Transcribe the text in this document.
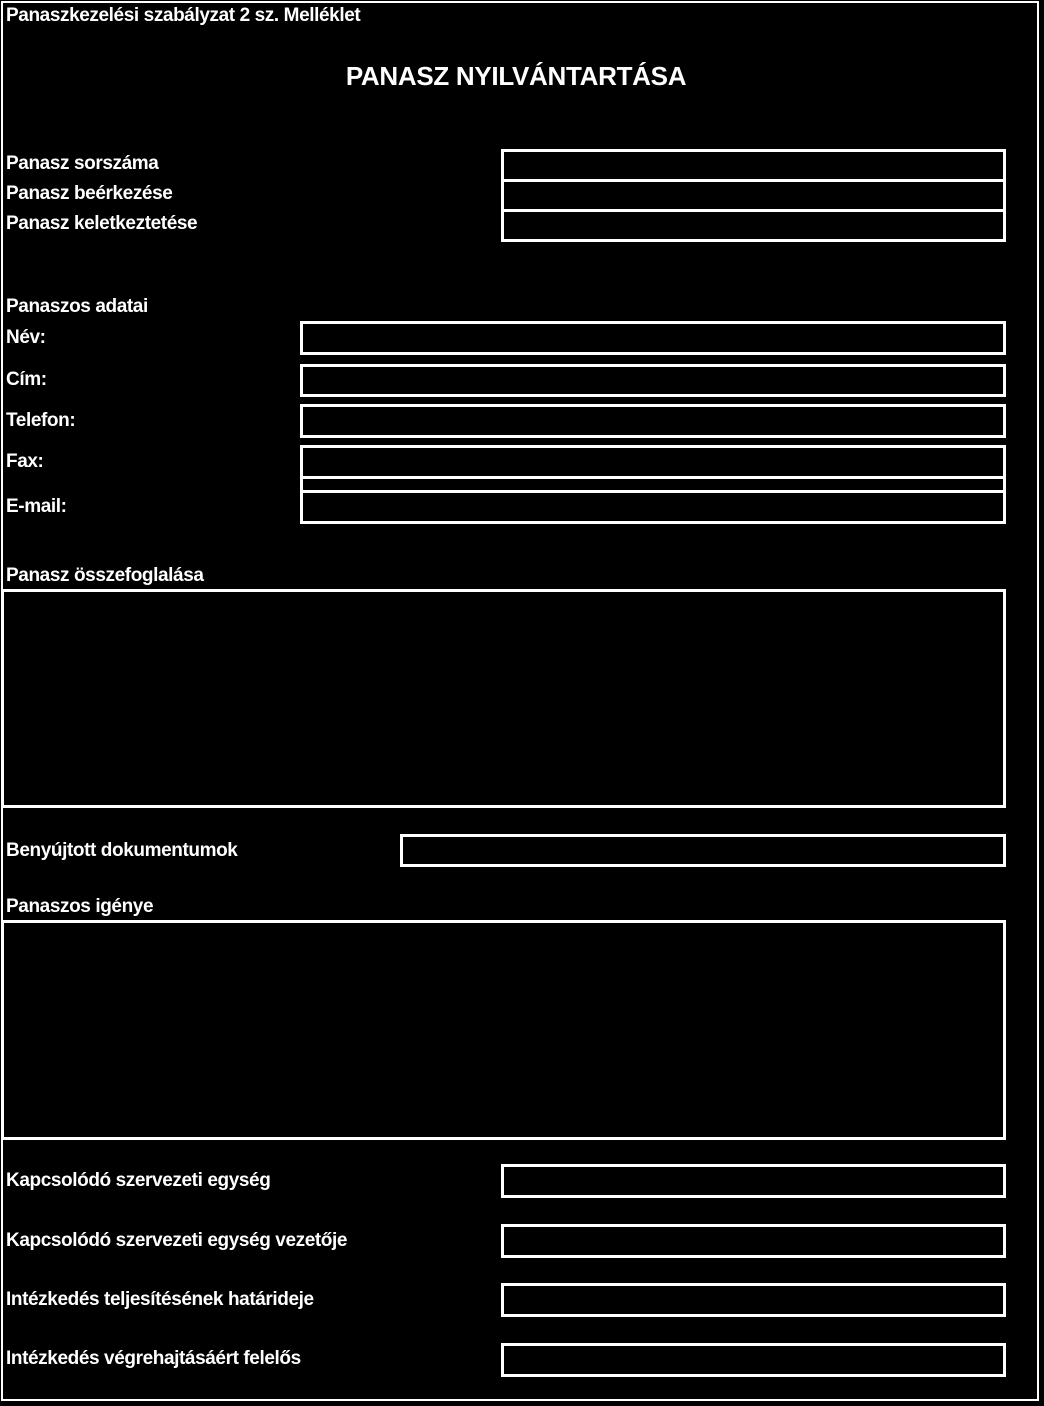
Panaszkezelési szabályzat 2 sz. Melléklet
PANASZ NYILVÁNTARTÁSA
Panasz sorszáma
Panasz beérkezése
Panasz keletkeztetése
Panaszos adatai
Név:
Cím:
Telefon:
Fax:
E-mail:
Panasz összefoglalása
Benyújtott dokumentumok
Panaszos igénye
Kapcsolódó szervezeti egység
Kapcsolódó szervezeti egység vezetője
Intézkedés teljesítésének határideje
Intézkedés végrehajtásáért felelős
